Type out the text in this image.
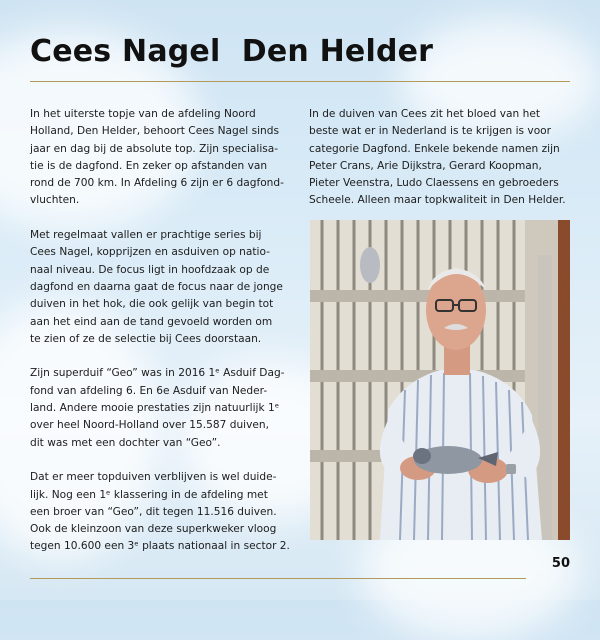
Cees Nagel  Den Helder

In het uiterste topje van de afdeling Noord
Holland, Den Helder, behoort Cees Nagel sinds
jaar en dag bij de absolute top. Zijn specialisa-
tie is de dagfond. En zeker op afstanden van
rond de 700 km. In Afdeling 6 zijn er 6 dagfond-
vluchten.

Met regelmaat vallen er prachtige series bij
Cees Nagel, kopprijzen en asduiven op natio-
naal niveau. De focus ligt in hoofdzaak op de
dagfond en daarna gaat de focus naar de jonge
duiven in het hok, die ook gelijk van begin tot
aan het eind aan de tand gevoeld worden om
te zien of ze de selectie bij Cees doorstaan.

Zijn superduif “Geo” was in 2016 1ᵉ Asduif Dag-
fond van afdeling 6. En 6e Asduif van Neder-
land. Andere mooie prestaties zijn natuurlijk 1ᵉ
over heel Noord-Holland over 15.587 duiven,
dit was met een dochter van “Geo”.

Dat er meer topduiven verblijven is wel duide-
lijk. Nog een 1ᵉ klassering in de afdeling met
een broer van “Geo”, dit tegen 11.516 duiven.
Ook de kleinzoon van deze superkweker vloog
tegen 10.600 een 3ᵉ plaats nationaal in sector 2.

In de duiven van Cees zit het bloed van het
beste wat er in Nederland is te krijgen is voor
categorie Dagfond. Enkele bekende namen zijn
Peter Crans, Arie Dijkstra, Gerard Koopman,
Pieter Veenstra, Ludo Claessens en gebroeders
Scheele. Alleen maar topkwaliteit in Den Helder.

50
